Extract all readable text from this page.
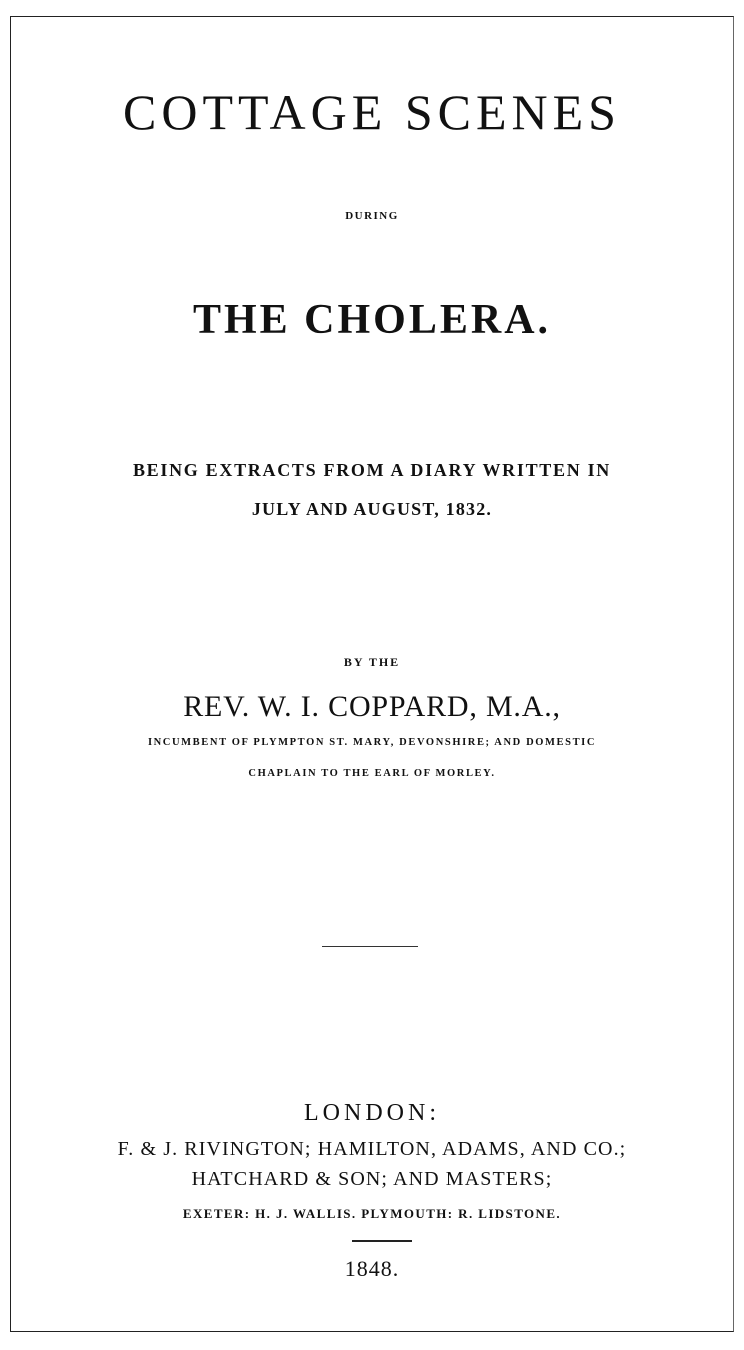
COTTAGE SCENES
DURING
THE CHOLERA.
BEING EXTRACTS FROM A DIARY WRITTEN IN
JULY AND AUGUST, 1832.
BY THE
REV. W. I. COPPARD, M.A.,
INCUMBENT OF PLYMPTON ST. MARY, DEVONSHIRE; AND DOMESTIC
CHAPLAIN TO THE EARL OF MORLEY.
LONDON:
F. & J. RIVINGTON; HAMILTON, ADAMS, AND CO.;
HATCHARD & SON; AND MASTERS;
EXETER: H. J. WALLIS. PLYMOUTH: R. LIDSTONE.
1848.
